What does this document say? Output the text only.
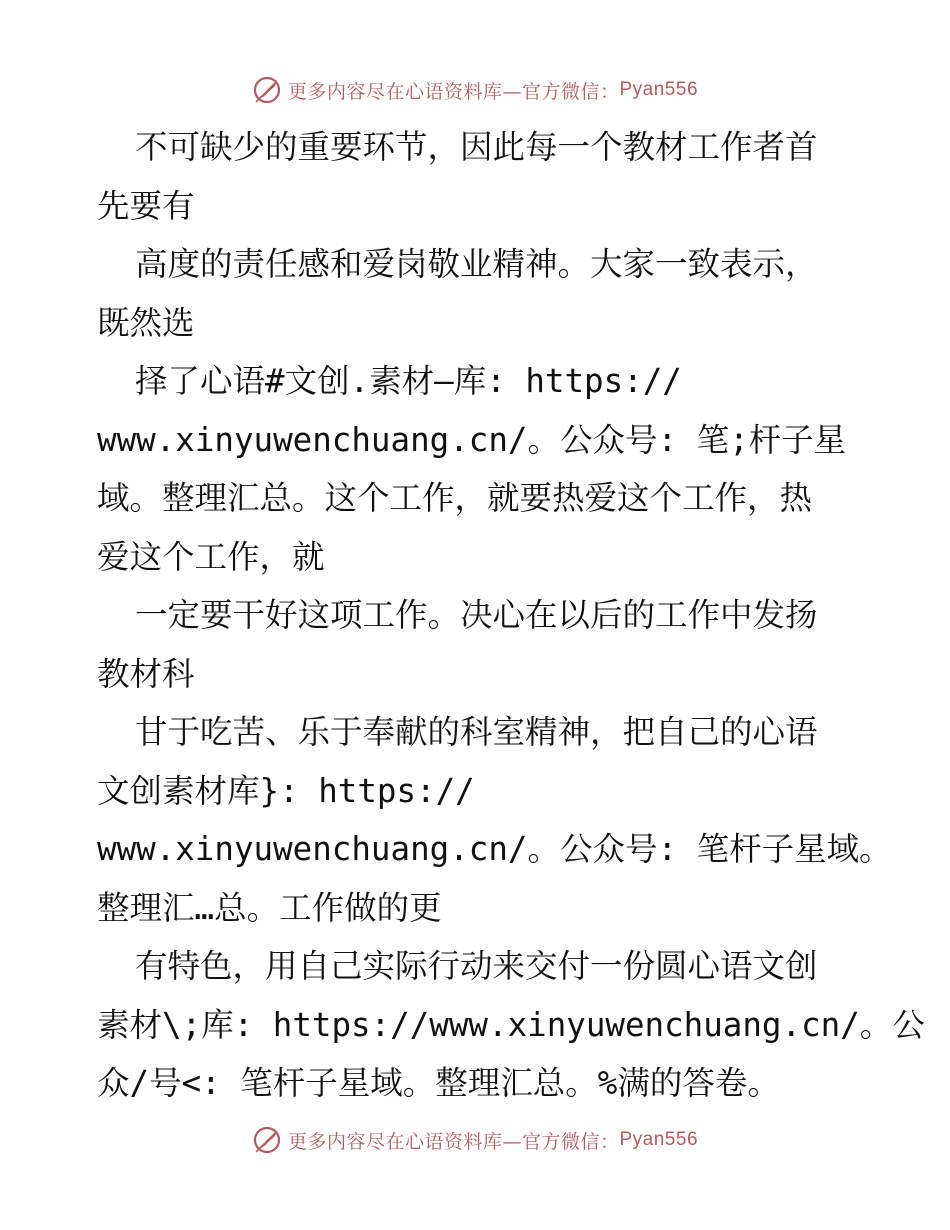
更多内容尽在心语资料库—官方微信： Pyan556
不可缺少的重要环节，因此每一个教材工作者首
先要有
高度的责任感和爱岗敬业精神。大家一致表示，
既然选
择了心语#文创.素材—库: https://
www.xinyuwenchuang.cn/。公众号: 笔;杆子星
域。整理汇总。这个工作，就要热爱这个工作，热
爱这个工作，就
一定要干好这项工作。决心在以后的工作中发扬
教材科
甘于吃苦、乐于奉献的科室精神，把自己的心语
文创素材库}: https://
www.xinyuwenchuang.cn/。公众号: 笔杆子星域。
整理汇…总。工作做的更
有特色，用自己实际行动来交付一份圆心语文创
素材\;库: https://www.xinyuwenchuang.cn/。公
众/号<: 笔杆子星域。整理汇总。%满的答卷。
更多内容尽在心语资料库—官方微信： Pyan556
